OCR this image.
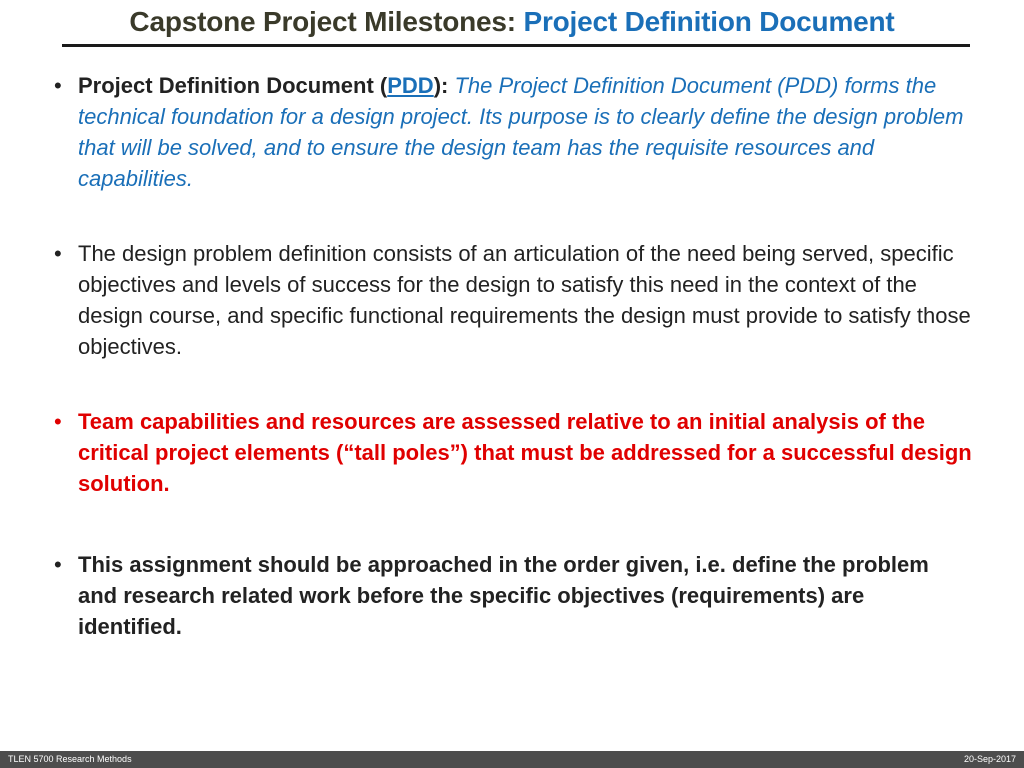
Capstone Project Milestones: Project Definition Document
• Project Definition Document (PDD): The Project Definition Document (PDD) forms the technical foundation for a design project. Its purpose is to clearly define the design problem that will be solved, and to ensure the design team has the requisite resources and capabilities.
• The design problem definition consists of an articulation of the need being served, specific objectives and levels of success for the design to satisfy this need in the context of the design course, and specific functional requirements the design must provide to satisfy those objectives.
• Team capabilities and resources are assessed relative to an initial analysis of the critical project elements (“tall poles”) that must be addressed for a successful design solution.
• This assignment should be approached in the order given, i.e. define the problem and research related work before the specific objectives (requirements) are identified.
TLEN 5700 Research Methods	20-Sep-2017
